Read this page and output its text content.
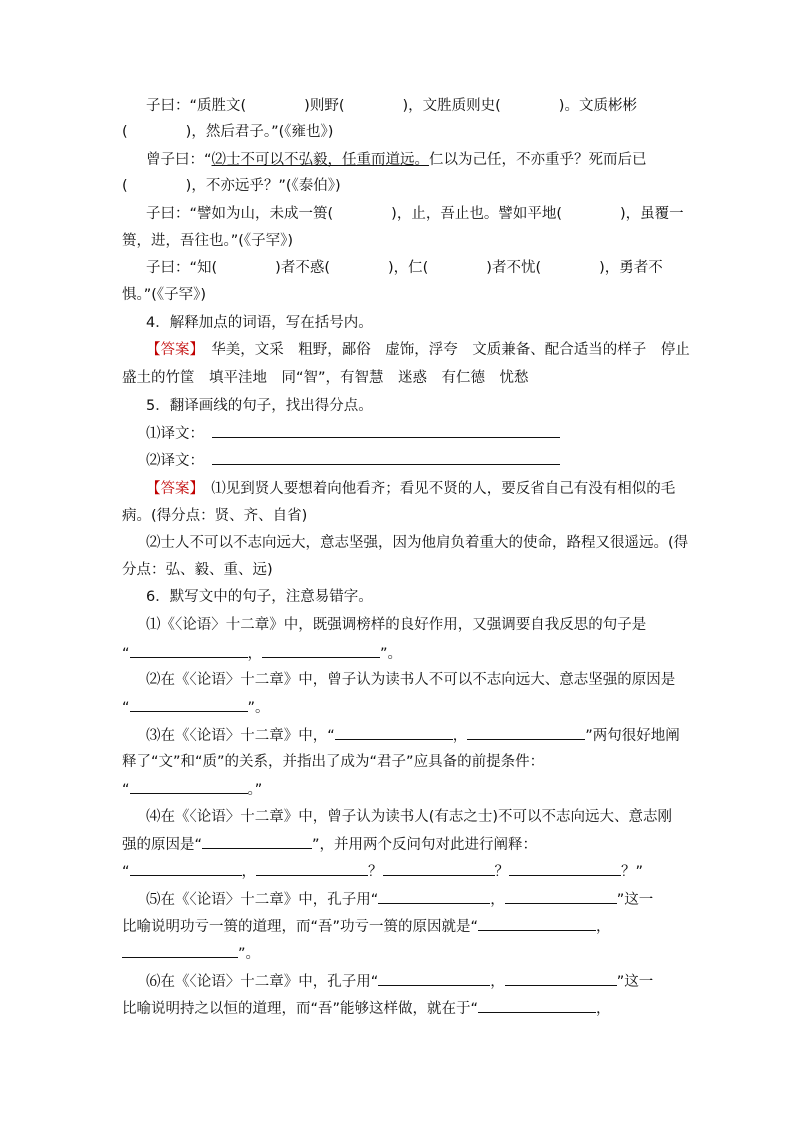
子曰：“质胜文(　　　　)则野(　　　　)，文胜质则史(　　　　)。文质彬彬
(　　　　)，然后君子。”(《雍也》)
曾子曰：“⑵士不可以不弘毅，任重而道远。仁以为己任，不亦重乎？死而后已
(　　　　)，不亦远乎？”(《泰伯》)
子曰：“譬如为山，未成一篑(　　　　)，止，吾止也。譬如平地(　　　　)，虽覆一
篑，进，吾往也。”(《子罕》)
子曰：“知(　　　　)者不惑(　　　　)，仁(　　　　)者不忧(　　　　)，勇者不
惧。”(《子罕》)
4．解释加点的词语，写在括号内。
【答案】　华美，文采　粗野，鄙俗　虚饰，浮夸　文质兼备、配合适当的样子　停止
盛土的竹筐　填平洼地　同“智”，有智慧　迷惑　有仁德　忧愁
5．翻译画线的句子，找出得分点。
⑴译文：
⑵译文：
【答案】　⑴见到贤人要想着向他看齐；看见不贤的人，要反省自己有没有相似的毛
病。(得分点：贤、齐、自省)
⑵士人不可以不志向远大，意志坚强，因为他肩负着重大的使命，路程又很遥远。(得
分点：弘、毅、重、远)
6．默写文中的句子，注意易错字。
⑴《〈论语〉十二章》中，既强调榜样的良好作用，又强调要自我反思的句子是
“	，	”。
⑵在《〈论语〉十二章》中，曾子认为读书人不可以不志向远大、意志坚强的原因是
“	”。
⑶在《〈论语〉十二章》中，“	，	”两句很好地阐
释了“文”和“质”的关系，并指出了成为“君子”应具备的前提条件：
“	。”
⑷在《〈论语〉十二章》中，曾子认为读书人(有志之士)不可以不志向远大、意志刚
强的原因是“	”，并用两个反问句对此进行阐释：
“	，	？	？	？”
⑸在《〈论语〉十二章》中，孔子用“	，	”这一
比喻说明功亏一篑的道理，而“吾”功亏一篑的原因就是“	，
”。
⑹在《〈论语〉十二章》中，孔子用“	，	”这一
比喻说明持之以恒的道理，而“吾”能够这样做，就在于“	，
